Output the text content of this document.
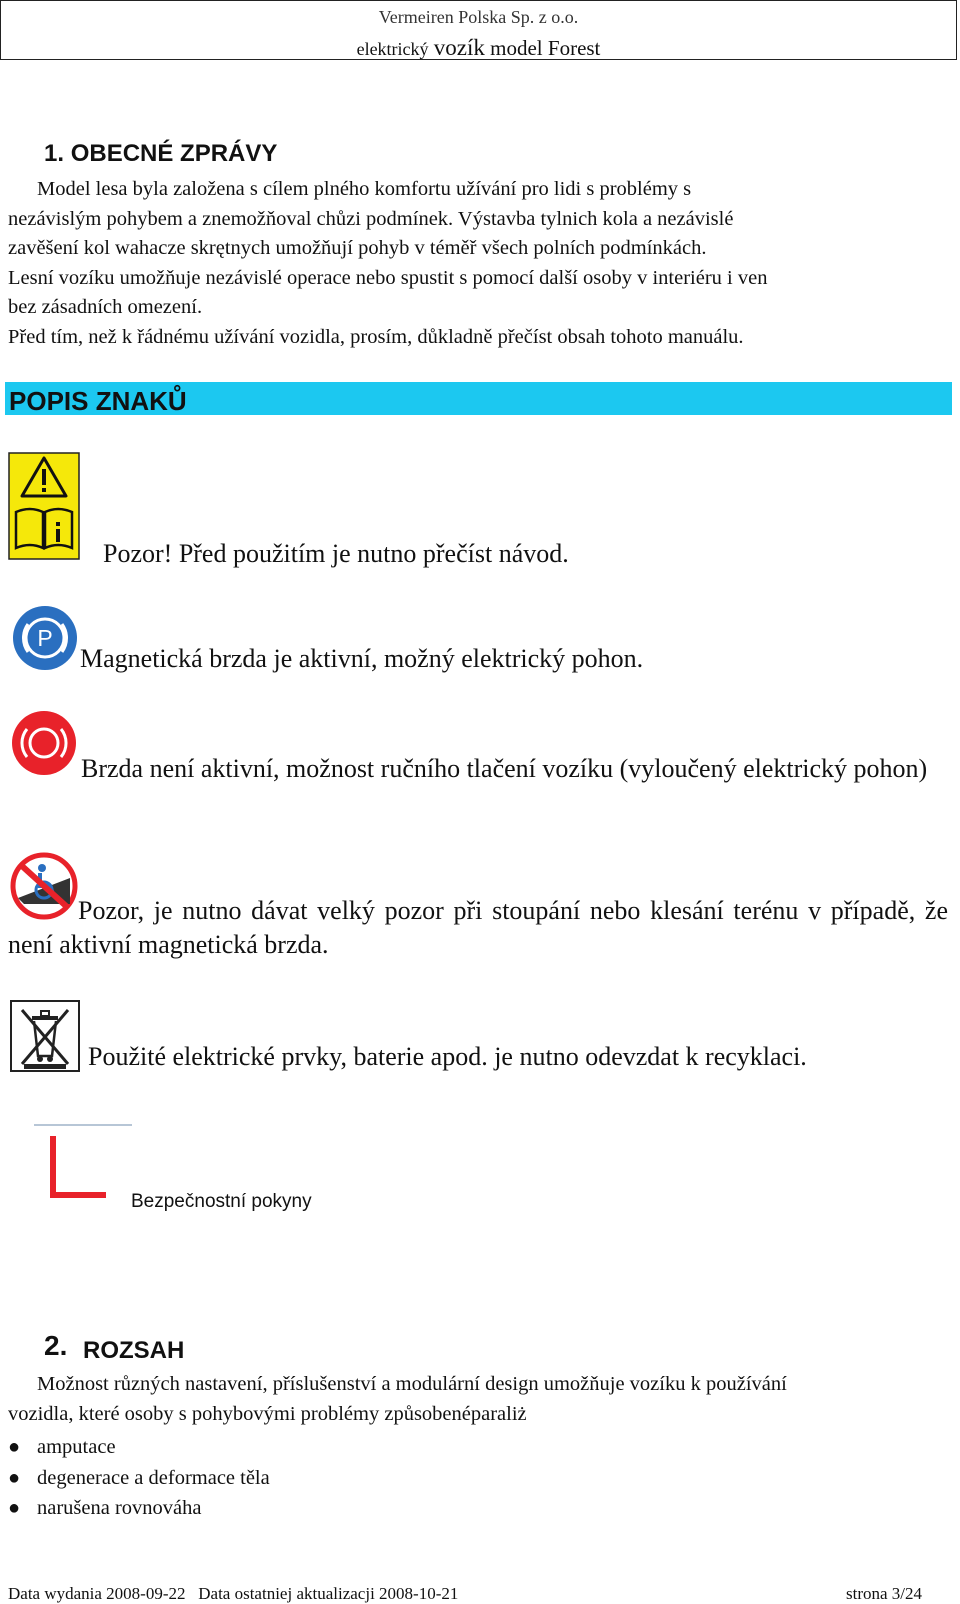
Vermeiren Polska Sp. z o.o.
elektrický vozík model Forest
1. OBECNÉ ZPRÁVY
Model lesa byla založena s cílem plného komfortu užívání pro lidi s problémy s
nezávislým pohybem a znemožňoval chůzi podmínek. Výstavba tylnich kola a nezávislé
zavěšení kol wahacze skrętnych umožňují pohyb v téměř všech polních podmínkách.
Lesní vozíku umožňuje nezávislé operace nebo spustit s pomocí další osoby v interiéru i ven
bez zásadních omezení.
Před tím, než k řádnému užívání vozidla, prosím, důkladně přečíst obsah tohoto manuálu.
POPIS ZNAKŮ
Pozor! Před použitím je nutno přečíst návod.
P
Magnetická brzda je aktivní, možný elektrický pohon.
Brzda není aktivní, možnost ručního tlačení vozíku (vyloučený elektrický pohon)
Pozor, je nutno dávat velký pozor při stoupání nebo klesání terénu v případě, že není aktivní magnetická brzda.
Použité elektrické prvky, baterie apod. je nutno odevzdat k recyklaci.
Bezpečnostní pokyny
2. ROZSAH
Možnost různých nastavení, příslušenství a modulární design umožňuje vozíku k používání
vozidla, které osoby s pohybovými problémy způsobenéparaliż
● amputace
● degenerace a deformace těla
● narušena rovnováha
Data wydania 2008-09-22   Data ostatniej aktualizacji 2008-10-21	strona 3/24
